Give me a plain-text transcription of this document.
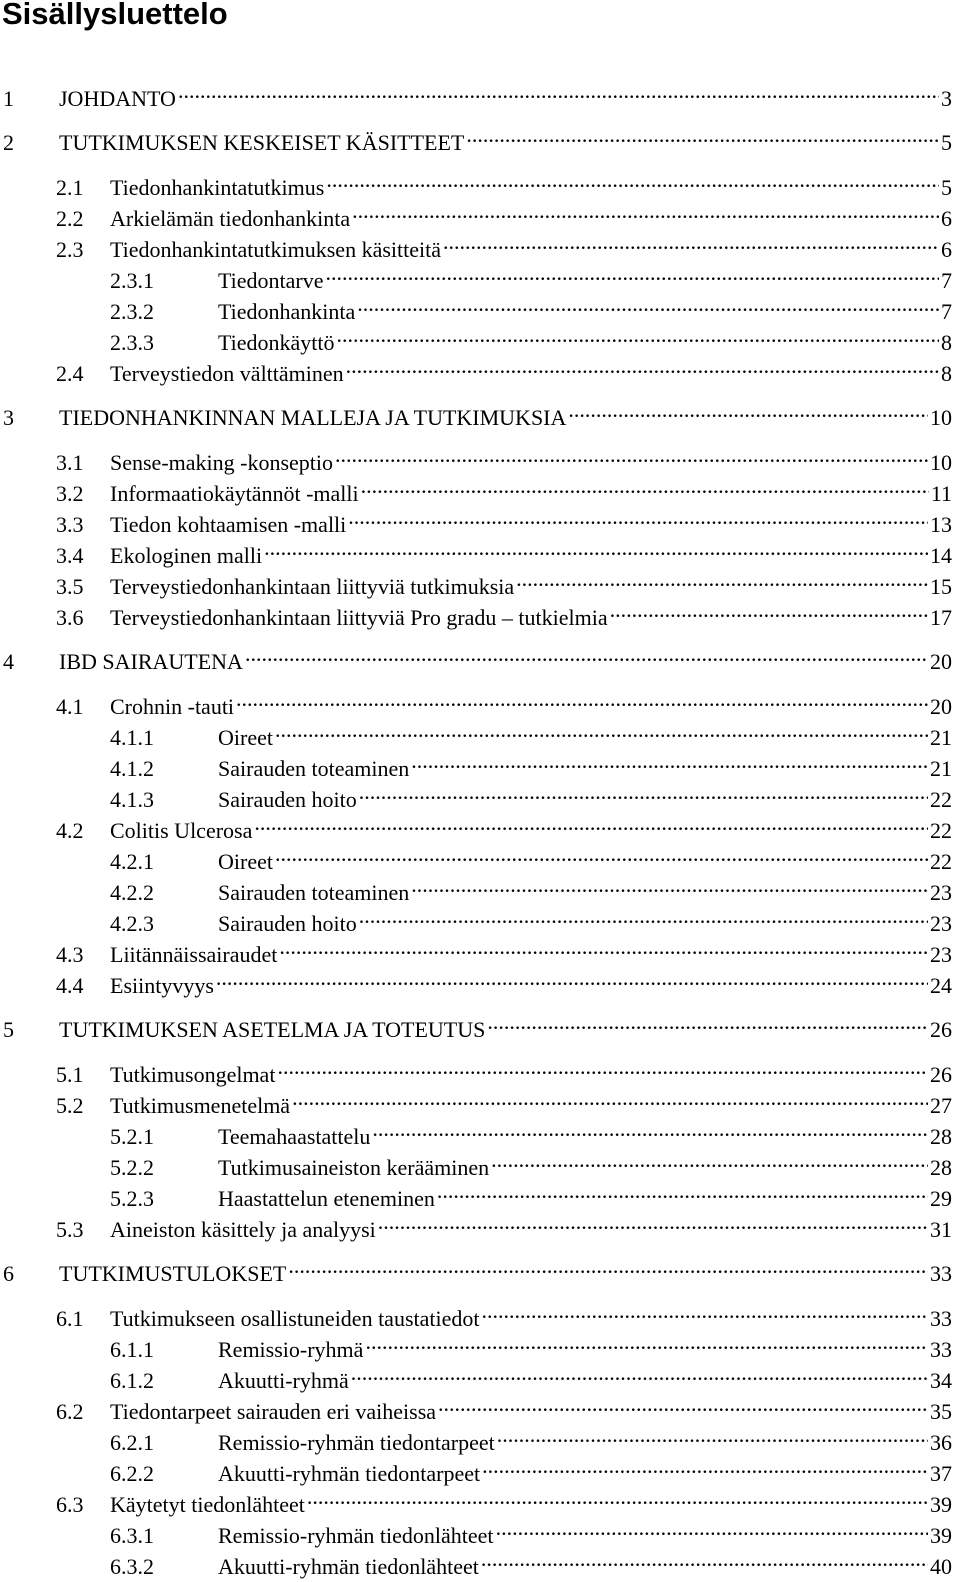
Sisällysluettelo
1	JOHDANTO .....	3
2	TUTKIMUKSEN KESKEISET KÄSITTEET .....	5
2.1	Tiedonhankintatutkimus .....	5
2.2	Arkielämän tiedonhankinta .....	6
2.3	Tiedonhankintatutkimuksen käsitteitä .....	6
2.3.1	Tiedontarve .....	7
2.3.2	Tiedonhankinta .....	7
2.3.3	Tiedonkäyttö .....	8
2.4	Terveystiedon välttäminen .....	8
3	TIEDONHANKINNAN MALLEJA JA TUTKIMUKSIA .....	10
3.1	Sense-making -konseptio .....	10
3.2	Informaatiokäytännöt -malli .....	11
3.3	Tiedon kohtaamisen -malli .....	13
3.4	Ekologinen malli .....	14
3.5	Terveystiedonhankintaan liittyviä tutkimuksia .....	15
3.6	Terveystiedonhankintaan liittyviä Pro gradu – tutkielmia .....	17
4	IBD SAIRAUTENA .....	20
4.1	Crohnin -tauti .....	20
4.1.1	Oireet .....	21
4.1.2	Sairauden toteaminen .....	21
4.1.3	Sairauden hoito .....	22
4.2	Colitis Ulcerosa .....	22
4.2.1	Oireet .....	22
4.2.2	Sairauden toteaminen .....	23
4.2.3	Sairauden hoito .....	23
4.3	Liitännäissairaudet .....	23
4.4	Esiintyvyys .....	24
5	TUTKIMUKSEN ASETELMA JA TOTEUTUS .....	26
5.1	Tutkimusongelmat .....	26
5.2	Tutkimusmenetelmä .....	27
5.2.1	Teemahaastattelu .....	28
5.2.2	Tutkimusaineiston kerääminen .....	28
5.2.3	Haastattelun eteneminen .....	29
5.3	Aineiston käsittely ja analyysi .....	31
6	TUTKIMUSTULOKSET .....	33
6.1	Tutkimukseen osallistuneiden taustatiedot .....	33
6.1.1	Remissio-ryhmä .....	33
6.1.2	Akuutti-ryhmä .....	34
6.2	Tiedontarpeet sairauden eri vaiheissa .....	35
6.2.1	Remissio-ryhmän tiedontarpeet .....	36
6.2.2	Akuutti-ryhmän tiedontarpeet .....	37
6.3	Käytetyt tiedonlähteet .....	39
6.3.1	Remissio-ryhmän tiedonlähteet .....	39
6.3.2	Akuutti-ryhmän tiedonlähteet .....	40
